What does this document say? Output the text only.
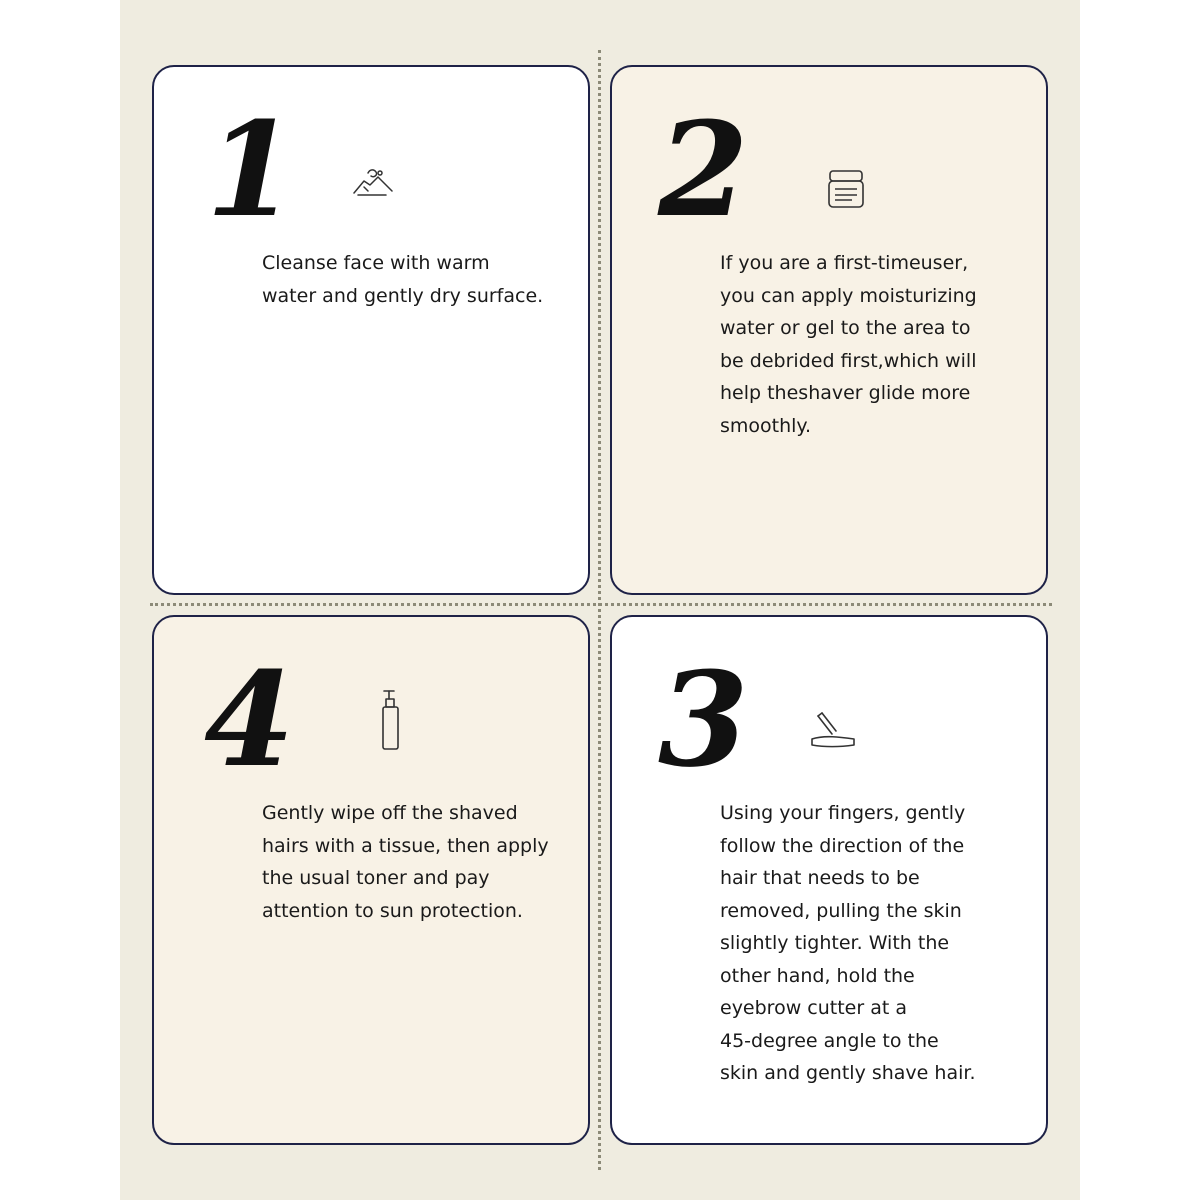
1

Cleanse face with warm
water and gently dry surface.

2

If you are a first-timeuser,
you can apply moisturizing
water or gel to the area to
be debrided first,which will
help theshaver glide more
smoothly.

4

Gently wipe off the shaved
hairs with a tissue, then apply
the usual toner and pay
attention to sun protection.

3

Using your fingers, gently
follow the direction of the
hair that needs to be
removed, pulling the skin
slightly tighter. With the
other hand, hold the
eyebrow cutter at a
45-degree angle to the
skin and gently shave hair.
